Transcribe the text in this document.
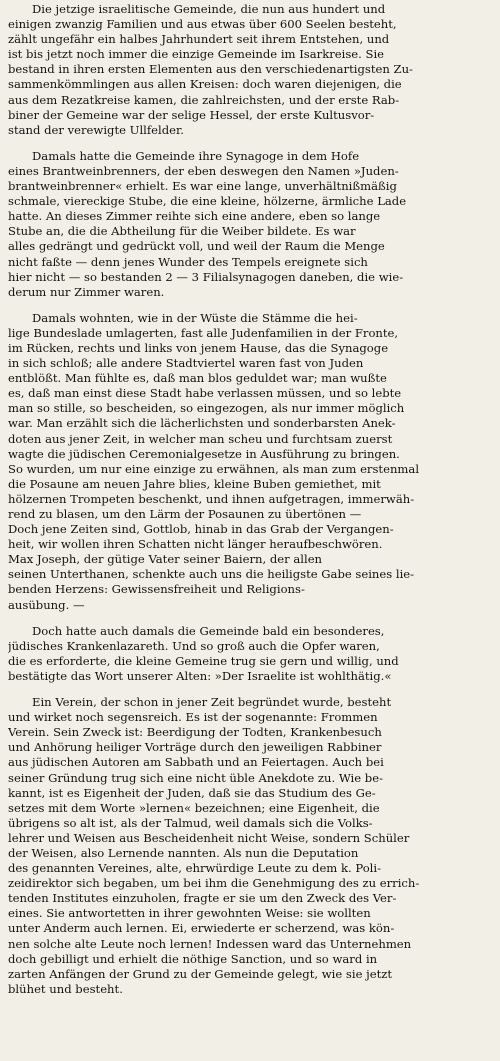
Die jetzige israelitische Gemeinde, die nun aus hundert und
einigen zwanzig Familien und aus etwas über 600 Seelen besteht,
zählt ungefähr ein halbes Jahrhundert seit ihrem Entstehen, und
ist bis jetzt noch immer die einzige Gemeinde im Isarkreise. Sie
bestand in ihren ersten Elementen aus den verschiedenartigsten Zu-
sammenkömmlingen aus allen Kreisen: doch waren diejenigen, die
aus dem Rezatkreise kamen, die zahlreichsten, und der erste Rab-
biner der Gemeine war der selige Hessel, der erste Kultusvor-
stand der verewigte Ullfelder.
Damals hatte die Gemeinde ihre Synagoge in dem Hofe
eines Brantweinbrenners, der eben deswegen den Namen »Juden-
brantweinbrenner« erhielt. Es war eine lange, unverhältnißmäßig
schmale, viereckige Stube, die eine kleine, hölzerne, ärmliche Lade
hatte. An dieses Zimmer reihte sich eine andere, eben so lange
Stube an, die die Abtheilung für die Weiber bildete. Es war
alles gedrängt und gedrückt voll, und weil der Raum die Menge
nicht faßte — denn jenes Wunder des Tempels ereignete sich
hier nicht — so bestanden 2 — 3 Filialsynagogen daneben, die wie-
derum nur Zimmer waren.
Damals wohnten, wie in der Wüste die Stämme die hei-
lige Bundeslade umlagerten, fast alle Judenfamilien in der Fronte,
im Rücken, rechts und links von jenem Hause, das die Synagoge
in sich schloß; alle andere Stadtviertel waren fast von Juden
entblößt. Man fühlte es, daß man blos geduldet war; man wußte
es, daß man einst diese Stadt habe verlassen müssen, und so lebte
man so stille, so bescheiden, so eingezogen, als nur immer möglich
war. Man erzählt sich die lächerlichsten und sonderbarsten Anek-
doten aus jener Zeit, in welcher man scheu und furchtsam zuerst
wagte die jüdischen Ceremonialgesetze in Ausführung zu bringen.
So wurden, um nur eine einzige zu erwähnen, als man zum erstenmal
die Posaune am neuen Jahre blies, kleine Buben gemiethet, mit
hölzernen Trompeten beschenkt, und ihnen aufgetragen, immerwäh-
rend zu blasen, um den Lärm der Posaunen zu übertönen —
Doch jene Zeiten sind, Gottlob, hinab in das Grab der Vergangen-
heit, wir wollen ihren Schatten nicht länger heraufbeschwören.
Max Joseph, der gütige Vater seiner Baiern, der allen
seinen Unterthanen, schenkte auch uns die heiligste Gabe seines lie-
benden Herzens: Gewissensfreiheit und Religions-
ausübung. —
Doch hatte auch damals die Gemeinde bald ein besonderes,
jüdisches Krankenlazareth. Und so groß auch die Opfer waren,
die es erforderte, die kleine Gemeine trug sie gern und willig, und
bestätigte das Wort unserer Alten: »Der Israelite ist wohlthätig.«
Ein Verein, der schon in jener Zeit begründet wurde, besteht
und wirket noch segensreich. Es ist der sogenannte: Frommen
Verein. Sein Zweck ist: Beerdigung der Todten, Krankenbesuch
und Anhörung heiliger Vorträge durch den jeweiligen Rabbiner
aus jüdischen Autoren am Sabbath und an Feiertagen. Auch bei
seiner Gründung trug sich eine nicht üble Anekdote zu. Wie be-
kannt, ist es Eigenheit der Juden, daß sie das Studium des Ge-
setzes mit dem Worte »lernen« bezeichnen; eine Eigenheit, die
übrigens so alt ist, als der Talmud, weil damals sich die Volks-
lehrer und Weisen aus Bescheidenheit nicht Weise, sondern Schüler
der Weisen, also Lernende nannten. Als nun die Deputation
des genannten Vereines, alte, ehrwürdige Leute zu dem k. Poli-
zeidirektor sich begaben, um bei ihm die Genehmigung des zu errich-
tenden Institutes einzuholen, fragte er sie um den Zweck des Ver-
eines. Sie antwortetten in ihrer gewohnten Weise: sie wollten
unter Anderm auch lernen. Ei, erwiederte er scherzend, was kön-
nen solche alte Leute noch lernen! Indessen ward das Unternehmen
doch gebilligt und erhielt die nöthige Sanction, und so ward in
zarten Anfängen der Grund zu der Gemeinde gelegt, wie sie jetzt
blühet und besteht.
